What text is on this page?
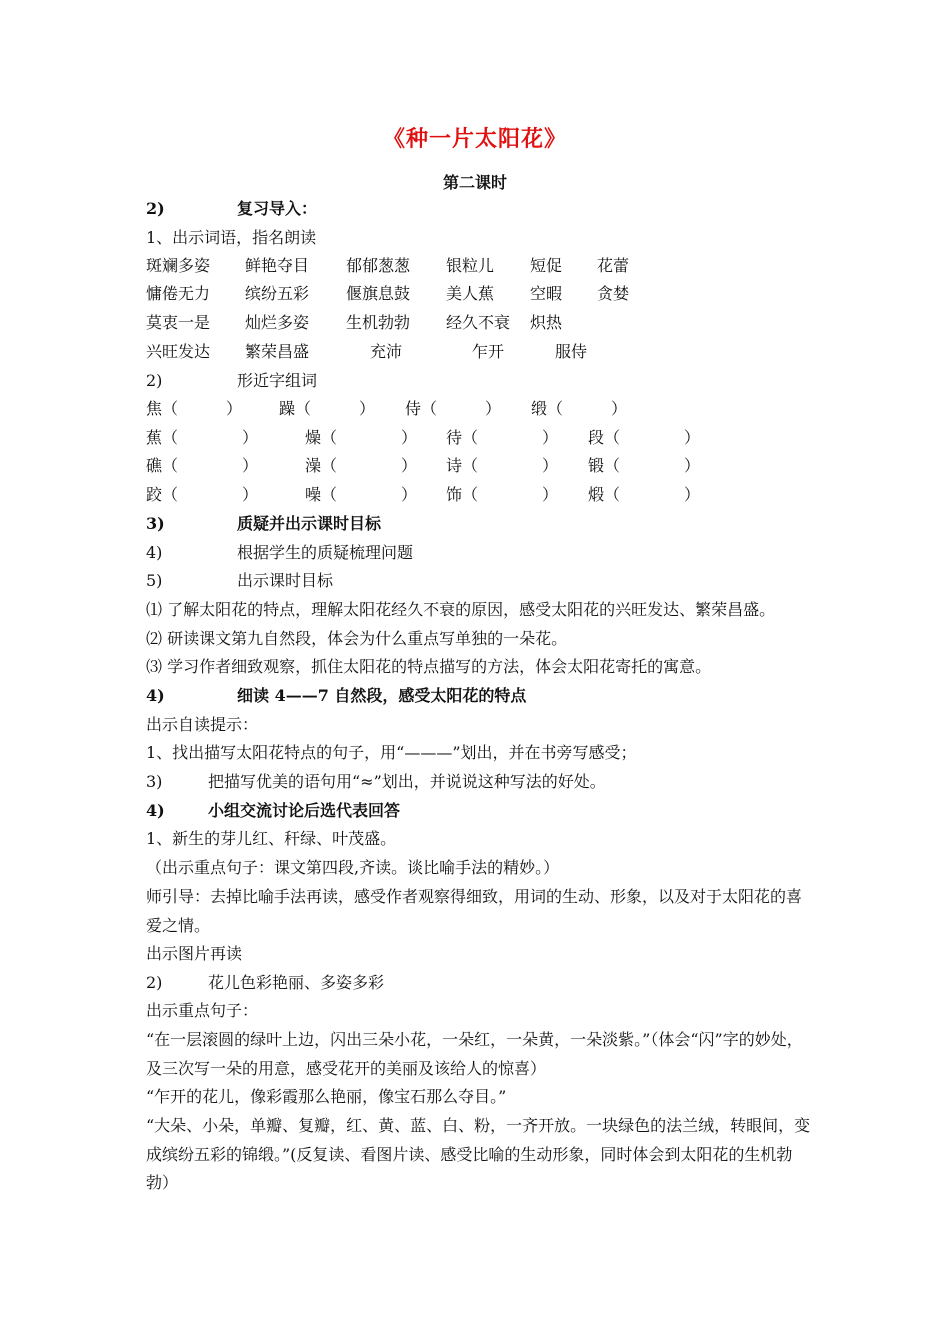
《种一片太阳花》
第二课时
2)	复习导入：
1、出示词语，指名朗读
斑斓多姿 鲜艳夺目 郁郁葱葱 银粒儿 短促 花蕾
慵倦无力 缤纷五彩 偃旗息鼓 美人蕉 空暇 贪婪
莫衷一是 灿烂多姿 生机勃勃 经久不衰 炽热
兴旺发达 繁荣昌盛	充沛	乍开	服侍
2)	形近字组词
焦（　　　） 躁（　　　） 侍（　　　） 缎（　　　）
蕉（　　　　）	燥（　　　　） 待（　　　　） 段（　　　　）
礁（　　　　）	澡（　　　　） 诗（　　　　） 锻（　　　　）
跤（　　　　）	噪（　　　　） 饰（　　　　） 煅（　　　　）
3)	质疑并出示课时目标
4)	根据学生的质疑梳理问题
5)	出示课时目标
⑴ 了解太阳花的特点，理解太阳花经久不衰的原因，感受太阳花的兴旺发达、繁荣昌盛。
⑵ 研读课文第九自然段，体会为什么重点写单独的一朵花。
⑶ 学习作者细致观察，抓住太阳花的特点描写的方法，体会太阳花寄托的寓意。
4)	细读 4——7 自然段，感受太阳花的特点
出示自读提示：
1、找出描写太阳花特点的句子，用“———”划出，并在书旁写感受；
3)	把描写优美的语句用“≈”划出，并说说这种写法的好处。
4)	小组交流讨论后选代表回答
1、新生的芽儿红、秆绿、叶茂盛。
（出示重点句子：课文第四段,齐读。谈比喻手法的精妙。）
师引导：去掉比喻手法再读，感受作者观察得细致，用词的生动、形象，以及对于太阳花的喜爱之情。
出示图片再读
2)	花儿色彩艳丽、多姿多彩
出示重点句子：
“在一层滚圆的绿叶上边，闪出三朵小花，一朵红，一朵黄，一朵淡紫。”（体会“闪”字的妙处，及三次写一朵的用意，感受花开的美丽及该给人的惊喜）
“乍开的花儿，像彩霞那么艳丽，像宝石那么夺目。”
“大朵、小朵，单瓣、复瓣，红、黄、蓝、白、粉，一齐开放。一块绿色的法兰绒，转眼间，变成缤纷五彩的锦缎。”(反复读、看图片读、感受比喻的生动形象，同时体会到太阳花的生机勃勃）
